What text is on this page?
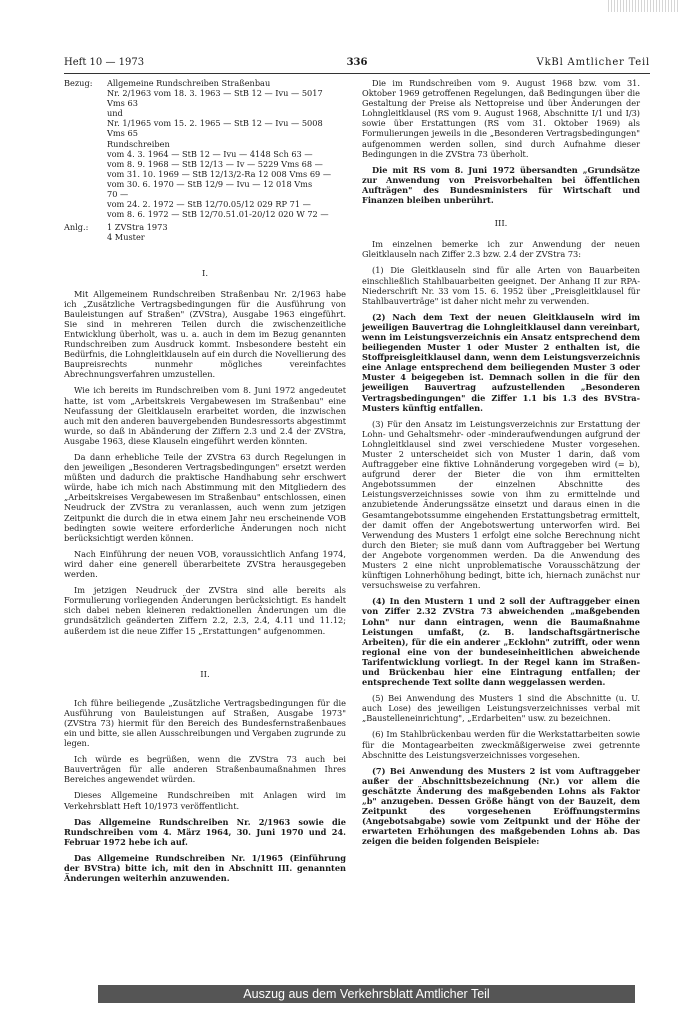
Heft 10 — 1973	336	VkBl Amtlicher Teil
Bezug:	Allgemeine Rundschreiben Straßenbau
Nr. 2/1963 vom 18. 3. 1963 — StB 12 — Ivu — 5017
Vms 63
und
Nr. 1/1965 vom 15. 2. 1965 — StB 12 — Ivu — 5008
Vms 65
Rundschreiben
vom 4. 3. 1964 — StB 12 — Ivu — 4148 Sch 63 —
vom 8. 9. 1968 — StB 12/13 — Iv — 5229 Vms 68 —
vom 31. 10. 1969 — StB 12/13/2-Ra 12 008 Vms 69 —
vom 30. 6. 1970 — StB 12/9 — Ivu — 12 018 Vms
70 —
vom 24. 2. 1972 — StB 12/70.05/12 029 RP 71 —
vom 8. 6. 1972 — StB 12/70.51.01-20/12 020 W 72 —
Anlg.:	1 ZVStra 1973
4 Muster
I.

Mit Allgemeinem Rundschreiben Straßenbau Nr. 2/1963 habe ich „Zusätzliche Vertragsbedingungen für die Ausführung von Bauleistungen auf Straßen" (ZVStra), Ausgabe 1963 eingeführt. Sie sind in mehreren Teilen durch die zwischenzeitliche Entwicklung überholt, was u. a. auch in dem im Bezug genannten Rundschreiben zum Ausdruck kommt. Insbesondere besteht ein Bedürfnis, die Lohngleitklauseln auf ein durch die Novellierung des Baupreisrechts nunmehr mögliches vereinfachtes Abrechnungsverfahren umzustellen.

Wie ich bereits im Rundschreiben vom 8. Juni 1972 angedeutet hatte, ist vom „Arbeitskreis Vergabewesen im Straßenbau" eine Neufassung der Gleitklauseln erarbeitet worden, die inzwischen auch mit den anderen bauvergebenden Bundesressorts abgestimmt wurde, so daß in Abänderung der Ziffern 2.3 und 2.4 der ZVStra, Ausgabe 1963, diese Klauseln eingeführt werden könnten.

Da dann erhebliche Teile der ZVStra 63 durch Regelungen in den jeweiligen „Besonderen Vertragsbedingungen" ersetzt werden müßten und dadurch die praktische Handhabung sehr erschwert würde, habe ich mich nach Abstimmung mit den Mitgliedern des „Arbeitskreises Vergabewesen im Straßenbau" entschlossen, einen Neudruck der ZVStra zu veranlassen, auch wenn zum jetzigen Zeitpunkt die durch die in etwa einem Jahr neu erscheinende VOB bedingten sowie weitere erforderliche Änderungen noch nicht berücksichtigt werden können.

Nach Einführung der neuen VOB, voraussichtlich Anfang 1974, wird daher eine generell überarbeitete ZVStra herausgegeben werden.

Im jetzigen Neudruck der ZVStra sind alle bereits als Formulierung vorliegenden Änderungen berücksichtigt. Es handelt sich dabei neben kleineren redaktionellen Änderungen um die grundsätzlich geänderten Ziffern 2.2, 2.3, 2.4, 4.11 und 11.12; außerdem ist die neue Ziffer 15 „Erstattungen" aufgenommen.

II.

Ich führe beiliegende „Zusätzliche Vertragsbedingungen für die Ausführung von Bauleistungen auf Straßen, Ausgabe 1973" (ZVStra 73) hiermit für den Bereich des Bundesfernstraßenbaues ein und bitte, sie allen Ausschreibungen und Vergaben zugrunde zu legen.

Ich würde es begrüßen, wenn die ZVStra 73 auch bei Bauverträgen für alle anderen Straßenbaumaßnahmen Ihres Bereiches angewendet würden.

Dieses Allgemeine Rundschreiben mit Anlagen wird im Verkehrsblatt Heft 10/1973 veröffentlicht.

Das Allgemeine Rundschreiben Nr. 2/1963 sowie die Rundschreiben vom 4. März 1964, 30. Juni 1970 und 24. Februar 1972 hebe ich auf.

Das Allgemeine Rundschreiben Nr. 1/1965 (Einführung der BVStra) bitte ich, mit den in Abschnitt III. genannten Änderungen weiterhin anzuwenden.

Die im Rundschreiben vom 9. August 1968 bzw. vom 31. Oktober 1969 getroffenen Regelungen, daß Bedingungen über die Gestaltung der Preise als Nettopreise und über Änderungen der Lohngleitklausel (RS vom 9. August 1968, Abschnitte I/1 und I/3) sowie über Erstattungen (RS vom 31. Oktober 1969) als Formulierungen jeweils in die „Besonderen Vertragsbedingungen" aufgenommen werden sollen, sind durch Aufnahme dieser Bedingungen in die ZVStra 73 überholt.

Die mit RS vom 8. Juni 1972 übersandten „Grundsätze zur Anwendung von Preisvorbehalten bei öffentlichen Aufträgen" des Bundesministers für Wirtschaft und Finanzen bleiben unberührt.

III.

Im einzelnen bemerke ich zur Anwendung der neuen Gleitklauseln nach Ziffer 2.3 bzw. 2.4 der ZVStra 73:

(1) Die Gleitklauseln sind für alle Arten von Bauarbeiten einschließlich Stahlbauarbeiten geeignet. Der Anhang II zur RPA-Niederschrift Nr. 33 vom 15. 6. 1952 über „Preisgleitklausel für Stahlbauverträge" ist daher nicht mehr zu verwenden.

(2) Nach dem Text der neuen Gleitklauseln wird im jeweiligen Bauvertrag die Lohngleitklausel dann vereinbart, wenn im Leistungsverzeichnis ein Ansatz entsprechend dem beiliegenden Muster 1 oder Muster 2 enthalten ist, die Stoffpreisgleitklausel dann, wenn dem Leistungsverzeichnis eine Anlage entsprechend dem beiliegenden Muster 3 oder Muster 4 beigegeben ist. Demnach sollen in die für den jeweiligen Bauvertrag aufzustellenden „Besonderen Vertragsbedingungen" die Ziffer 1.1 bis 1.3 des BVStra-Musters künftig entfallen.

(3) Für den Ansatz im Leistungsverzeichnis zur Erstattung der Lohn- und Gehaltsmehr- oder -minderaufwendungen aufgrund der Lohngleitklausel sind zwei verschiedene Muster vorgesehen. Muster 2 unterscheidet sich von Muster 1 darin, daß vom Auftraggeber eine fiktive Lohnänderung vorgegeben wird (= b), aufgrund derer der Bieter die von ihm ermittelten Angebotssummen der einzelnen Abschnitte des Leistungsverzeichnisses sowie von ihm zu ermittelnde und anzubietende Änderungssätze einsetzt und daraus einen in die Gesamtangebotssumme eingehenden Erstattungsbetrag ermittelt, der damit offen der Angebotswertung unterworfen wird. Bei Verwendung des Musters 1 erfolgt eine solche Berechnung nicht durch den Bieter; sie muß dann vom Auftraggeber bei Wertung der Angebote vorgenommen werden. Da die Anwendung des Musters 2 eine nicht unproblematische Vorausschätzung der künftigen Lohnerhöhung bedingt, bitte ich, hiernach zunächst nur versuchsweise zu verfahren.

(4) In den Mustern 1 und 2 soll der Auftraggeber einen von Ziffer 2.32 ZVStra 73 abweichenden „maßgebenden Lohn" nur dann eintragen, wenn die Baumaßnahme Leistungen umfaßt, (z. B. landschaftsgärtnerische Arbeiten), für die ein anderer „Ecklohn" zutrifft, oder wenn regional eine von der bundeseinheitlichen abweichende Tarifentwicklung vorliegt. In der Regel kann im Straßen- und Brückenbau hier eine Eintragung entfallen; der entsprechende Text sollte dann weggelassen werden.

(5) Bei Anwendung des Musters 1 sind die Abschnitte (u. U. auch Lose) des jeweiligen Leistungsverzeichnisses verbal mit „Baustelleneinrichtung", „Erdarbeiten" usw. zu bezeichnen.

(6) Im Stahlbrückenbau werden für die Werkstattarbeiten sowie für die Montagearbeiten zweckmäßigerweise zwei getrennte Abschnitte des Leistungsverzeichnisses vorgesehen.

(7) Bei Anwendung des Musters 2 ist vom Auftraggeber außer der Abschnittsbezeichnung (Nr.) vor allem die geschätzte Änderung des maßgebenden Lohns als Faktor „b" anzugeben. Dessen Größe hängt von der Bauzeit, dem Zeitpunkt des vorgesehenen Eröffnungstermins (Angebotsabgabe) sowie vom Zeitpunkt und der Höhe der erwarteten Erhöhungen des maßgebenden Lohns ab. Das zeigen die beiden folgenden Beispiele:

Auszug aus dem Verkehrsblatt Amtlicher Teil
